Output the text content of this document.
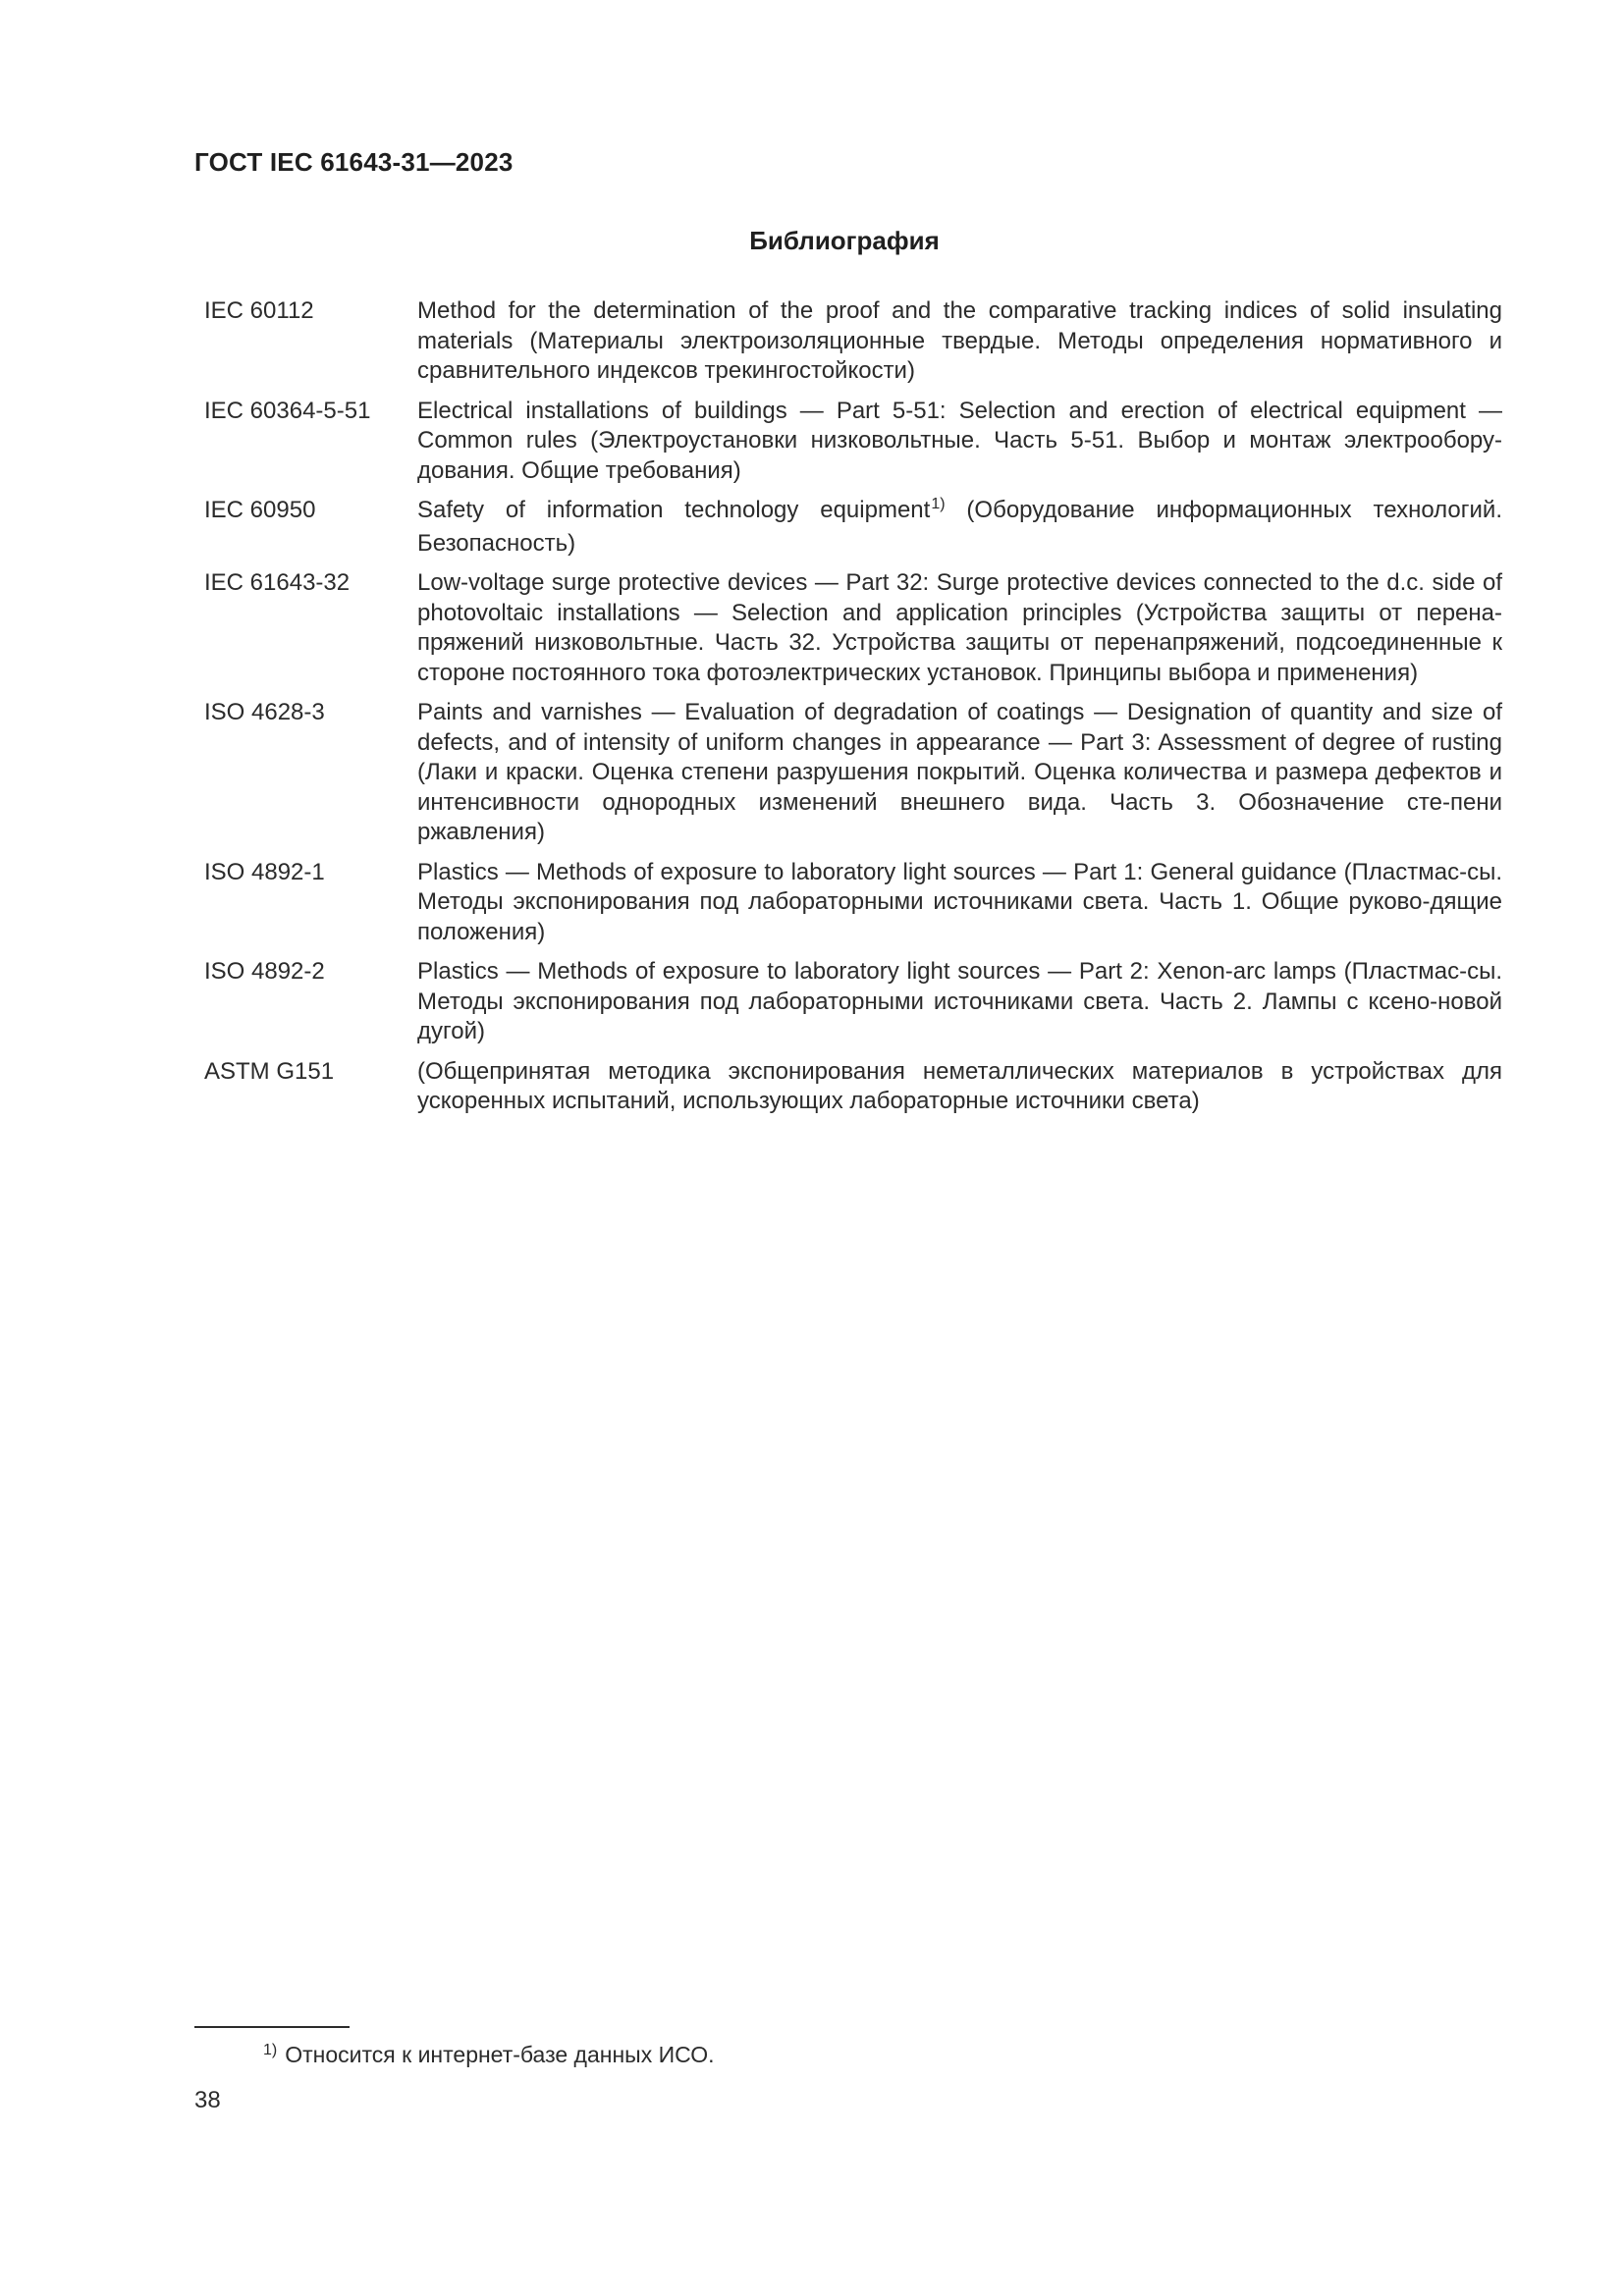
ГОСТ IEC 61643-31—2023
Библиография
IEC 60112	Method for the determination of the proof and the comparative tracking indices of solid insulating materials (Материалы электроизоляционные твердые. Методы определения нормативного и сравнительного индексов трекингостойкости)
IEC 60364-5-51	Electrical installations of buildings — Part 5-51: Selection and erection of electrical equipment — Common rules (Электроустановки низковольтные. Часть 5-51. Выбор и монтаж электрообору-дования. Общие требования)
IEC 60950	Safety of information technology equipment$^{1)}$ (Оборудование информационных технологий. Безопасность)
IEC 61643-32	Low-voltage surge protective devices — Part 32: Surge protective devices connected to the d.c. side of photovoltaic installations — Selection and application principles (Устройства защиты от перена-пряжений низковольтные. Часть 32. Устройства защиты от перенапряжений, подсоединенные к стороне постоянного тока фотоэлектрических установок. Принципы выбора и применения)
ISO 4628-3	Paints and varnishes — Evaluation of degradation of coatings — Designation of quantity and size of defects, and of intensity of uniform changes in appearance — Part 3: Assessment of degree of rusting (Лаки и краски. Оценка степени разрушения покрытий. Оценка количества и размера дефектов и интенсивности однородных изменений внешнего вида. Часть 3. Обозначение сте-пени ржавления)
ISO 4892-1	Plastics — Methods of exposure to laboratory light sources — Part 1: General guidance (Пластмас-сы. Методы экспонирования под лабораторными источниками света. Часть 1. Общие руково-дящие положения)
ISO 4892-2	Plastics — Methods of exposure to laboratory light sources — Part 2: Xenon-arc lamps (Пластмас-сы. Методы экспонирования под лабораторными источниками света. Часть 2. Лампы с ксено-новой дугой)
ASTM G151	(Общепринятая методика экспонирования неметаллических материалов в устройствах для ускоренных испытаний, использующих лабораторные источники света)
$^{1)}$ Относится к интернет-базе данных ИСО.
38
